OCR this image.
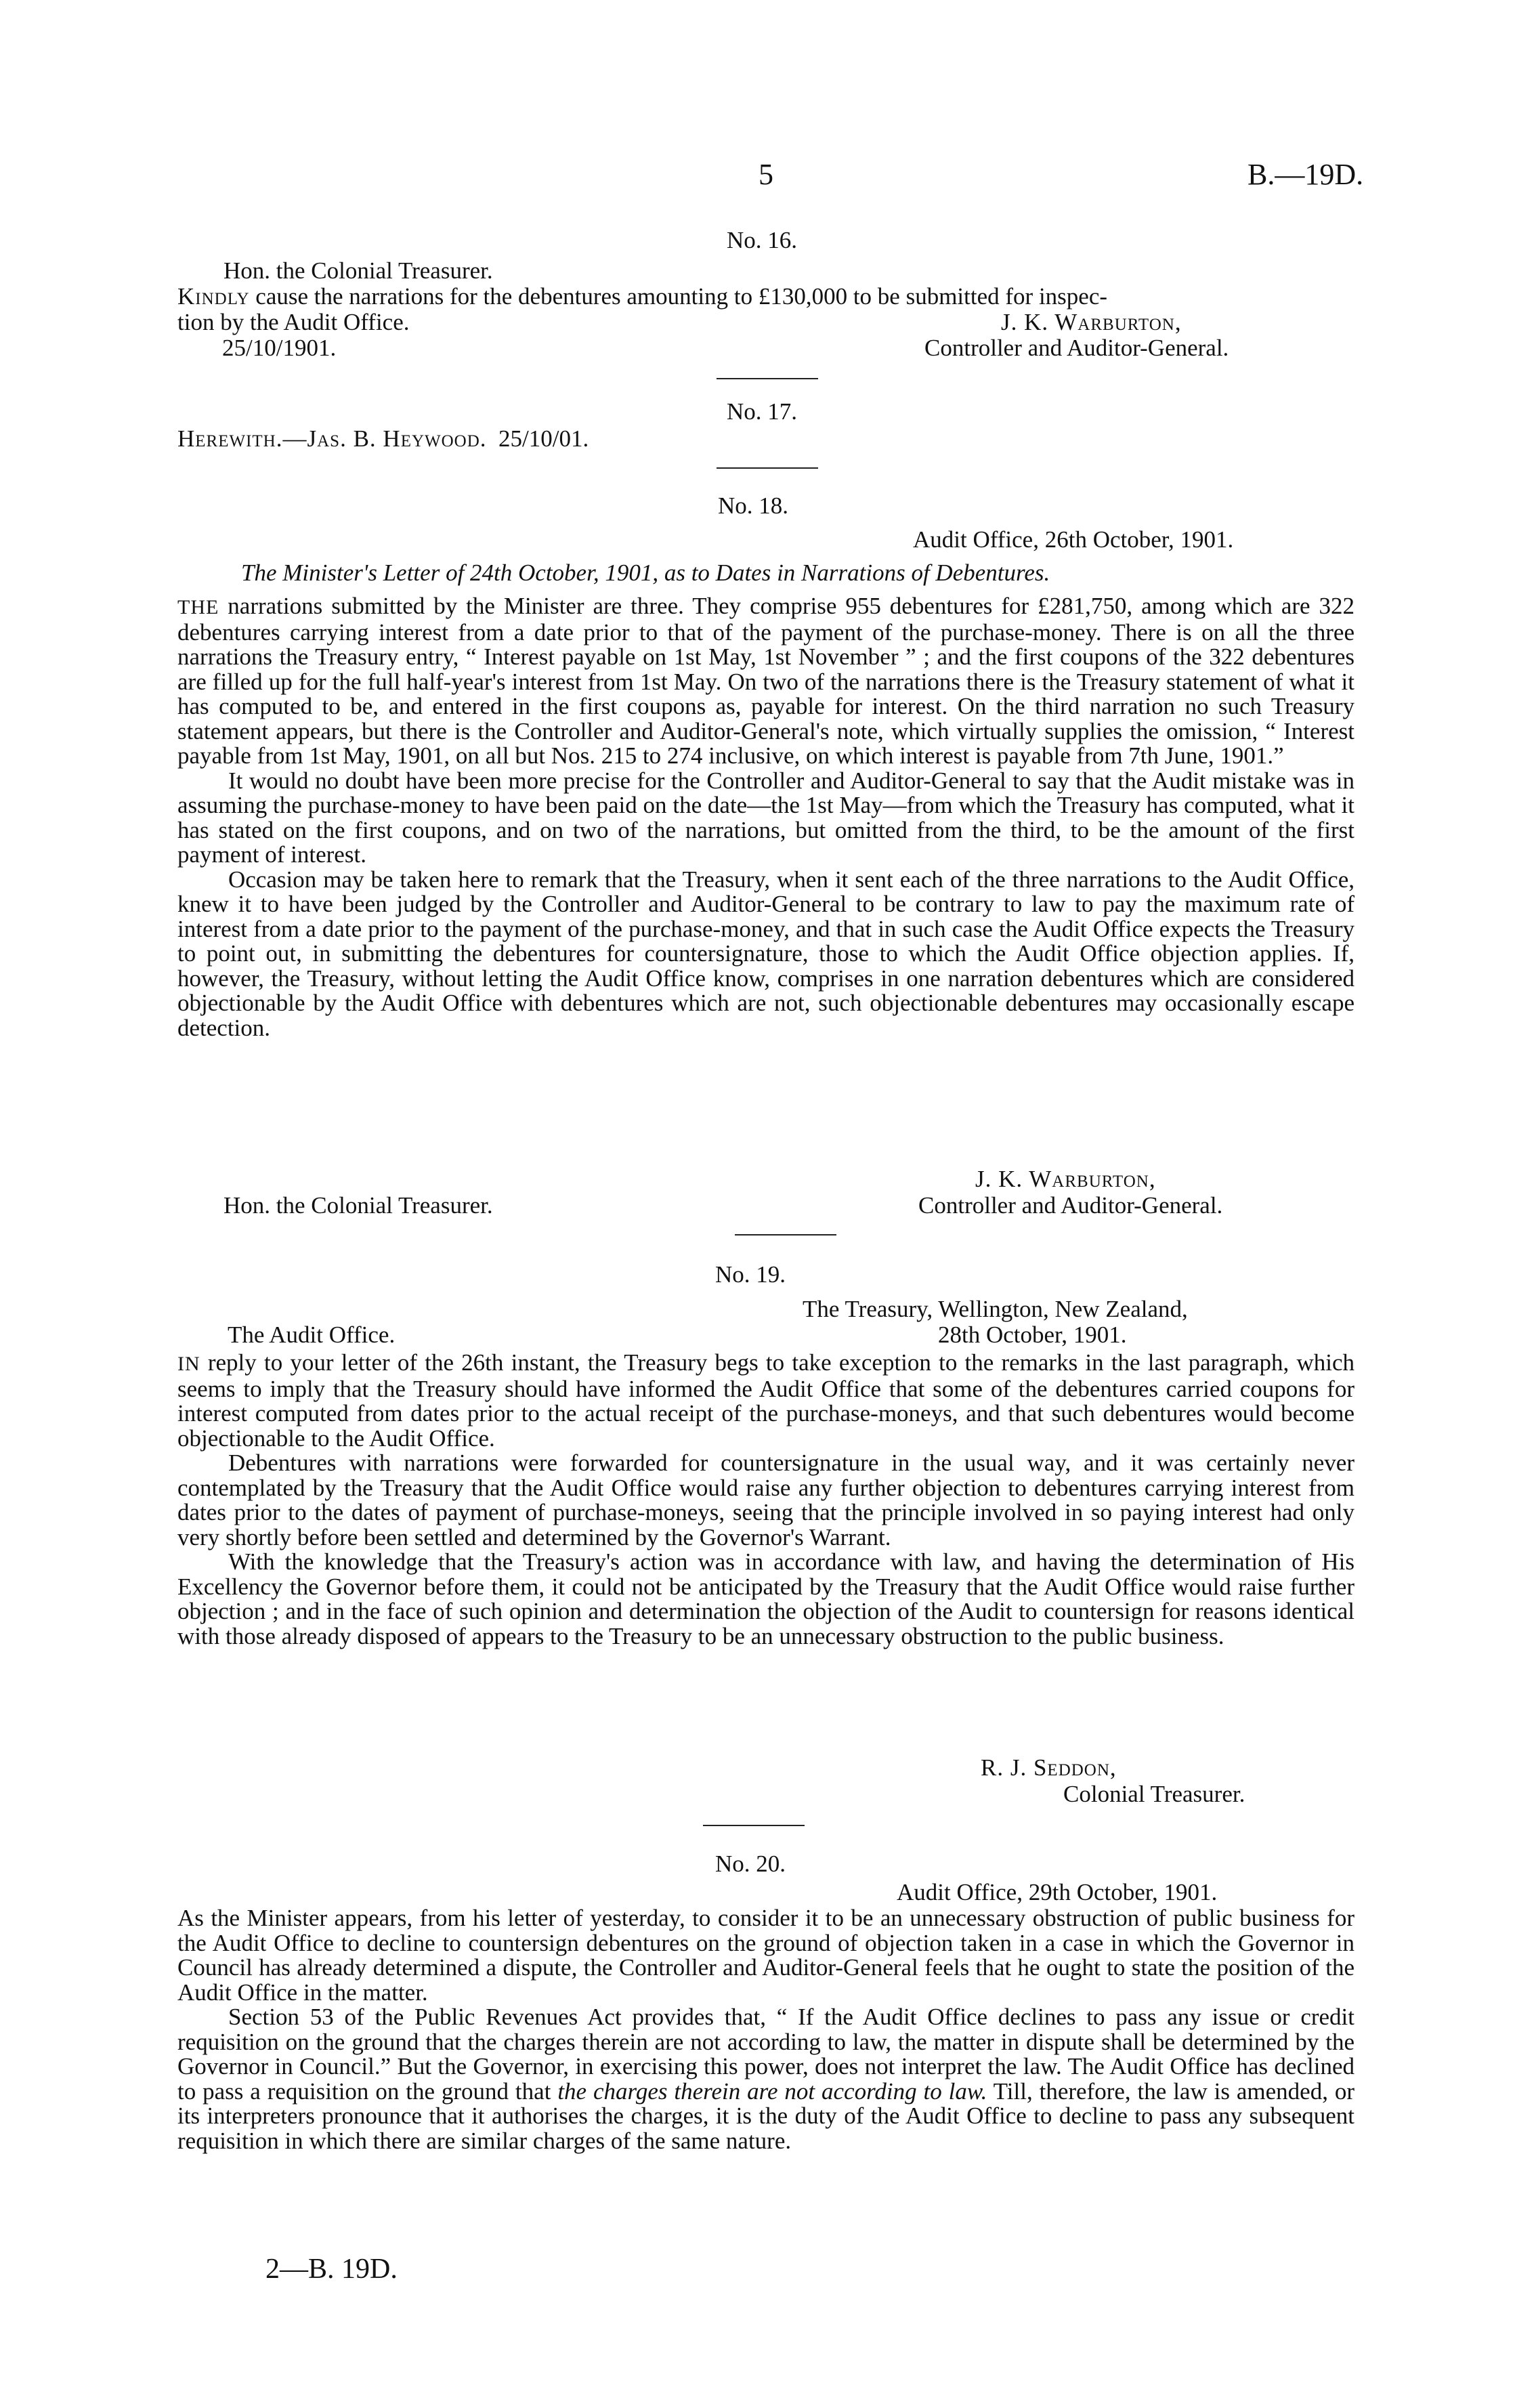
5	B.—19D.
No. 16.
Hon. the Colonial Treasurer.
Kindly cause the narrations for the debentures amounting to £130,000 to be submitted for inspec-
tion by the Audit Office.	J. K. Warburton,
25/10/1901.	Controller and Auditor-General.
No. 17.
Herewith.—Jas. B. Heywood. 25/10/01.
No. 18.
Audit Office, 26th October, 1901.
The Minister's Letter of 24th October, 1901, as to Dates in Narrations of Debentures.

THE narrations submitted by the Minister are three. They comprise 955 debentures for £281,750, among which are 322 debentures carrying interest from a date prior to that of the payment of the purchase-money. There is on all the three narrations the Treasury entry, “ Interest payable on 1st May, 1st November ” ; and the first coupons of the 322 debentures are filled up for the full half-year's interest from 1st May. On two of the narrations there is the Treasury statement of what it has computed to be, and entered in the first coupons as, payable for interest. On the third narration no such Treasury statement appears, but there is the Controller and Auditor-General's note, which virtually supplies the omission, “ Interest payable from 1st May, 1901, on all but Nos. 215 to 274 inclusive, on which interest is payable from 7th June, 1901.”

It would no doubt have been more precise for the Controller and Auditor-General to say that the Audit mistake was in assuming the purchase-money to have been paid on the date—the 1st May—from which the Treasury has computed, what it has stated on the first coupons, and on two of the narrations, but omitted from the third, to be the amount of the first payment of interest.

Occasion may be taken here to remark that the Treasury, when it sent each of the three narrations to the Audit Office, knew it to have been judged by the Controller and Auditor-General to be contrary to law to pay the maximum rate of interest from a date prior to the payment of the purchase-money, and that in such case the Audit Office expects the Treasury to point out, in submitting the debentures for countersignature, those to which the Audit Office objection applies. If, however, the Treasury, without letting the Audit Office know, comprises in one narration debentures which are considered objectionable by the Audit Office with debentures which are not, such objectionable debentures may occasionally escape detection.

J. K. Warburton,
Hon. the Colonial Treasurer.	Controller and Auditor-General.
No. 19.
The Treasury, Wellington, New Zealand,
The Audit Office.	28th October, 1901.

IN reply to your letter of the 26th instant, the Treasury begs to take exception to the remarks in the last paragraph, which seems to imply that the Treasury should have informed the Audit Office that some of the debentures carried coupons for interest computed from dates prior to the actual receipt of the purchase-moneys, and that such debentures would become objectionable to the Audit Office.

Debentures with narrations were forwarded for countersignature in the usual way, and it was certainly never contemplated by the Treasury that the Audit Office would raise any further objection to debentures carrying interest from dates prior to the dates of payment of purchase-moneys, seeing that the principle involved in so paying interest had only very shortly before been settled and determined by the Governor's Warrant.

With the knowledge that the Treasury's action was in accordance with law, and having the determination of His Excellency the Governor before them, it could not be anticipated by the Treasury that the Audit Office would raise further objection ; and in the face of such opinion and determination the objection of the Audit to countersign for reasons identical with those already disposed of appears to the Treasury to be an unnecessary obstruction to the public business.

R. J. Seddon,
Colonial Treasurer.
No. 20.
Audit Office, 29th October, 1901.

As the Minister appears, from his letter of yesterday, to consider it to be an unnecessary obstruction of public business for the Audit Office to decline to countersign debentures on the ground of objection taken in a case in which the Governor in Council has already determined a dispute, the Controller and Auditor-General feels that he ought to state the position of the Audit Office in the matter.

Section 53 of the Public Revenues Act provides that, “ If the Audit Office declines to pass any issue or credit requisition on the ground that the charges therein are not according to law, the matter in dispute shall be determined by the Governor in Council.” But the Governor, in exercising this power, does not interpret the law. The Audit Office has declined to pass a requisition on the ground that the charges therein are not according to law. Till, therefore, the law is amended, or its interpreters pronounce that it authorises the charges, it is the duty of the Audit Office to decline to pass any subsequent requisition in which there are similar charges of the same nature.

2—B. 19D.
